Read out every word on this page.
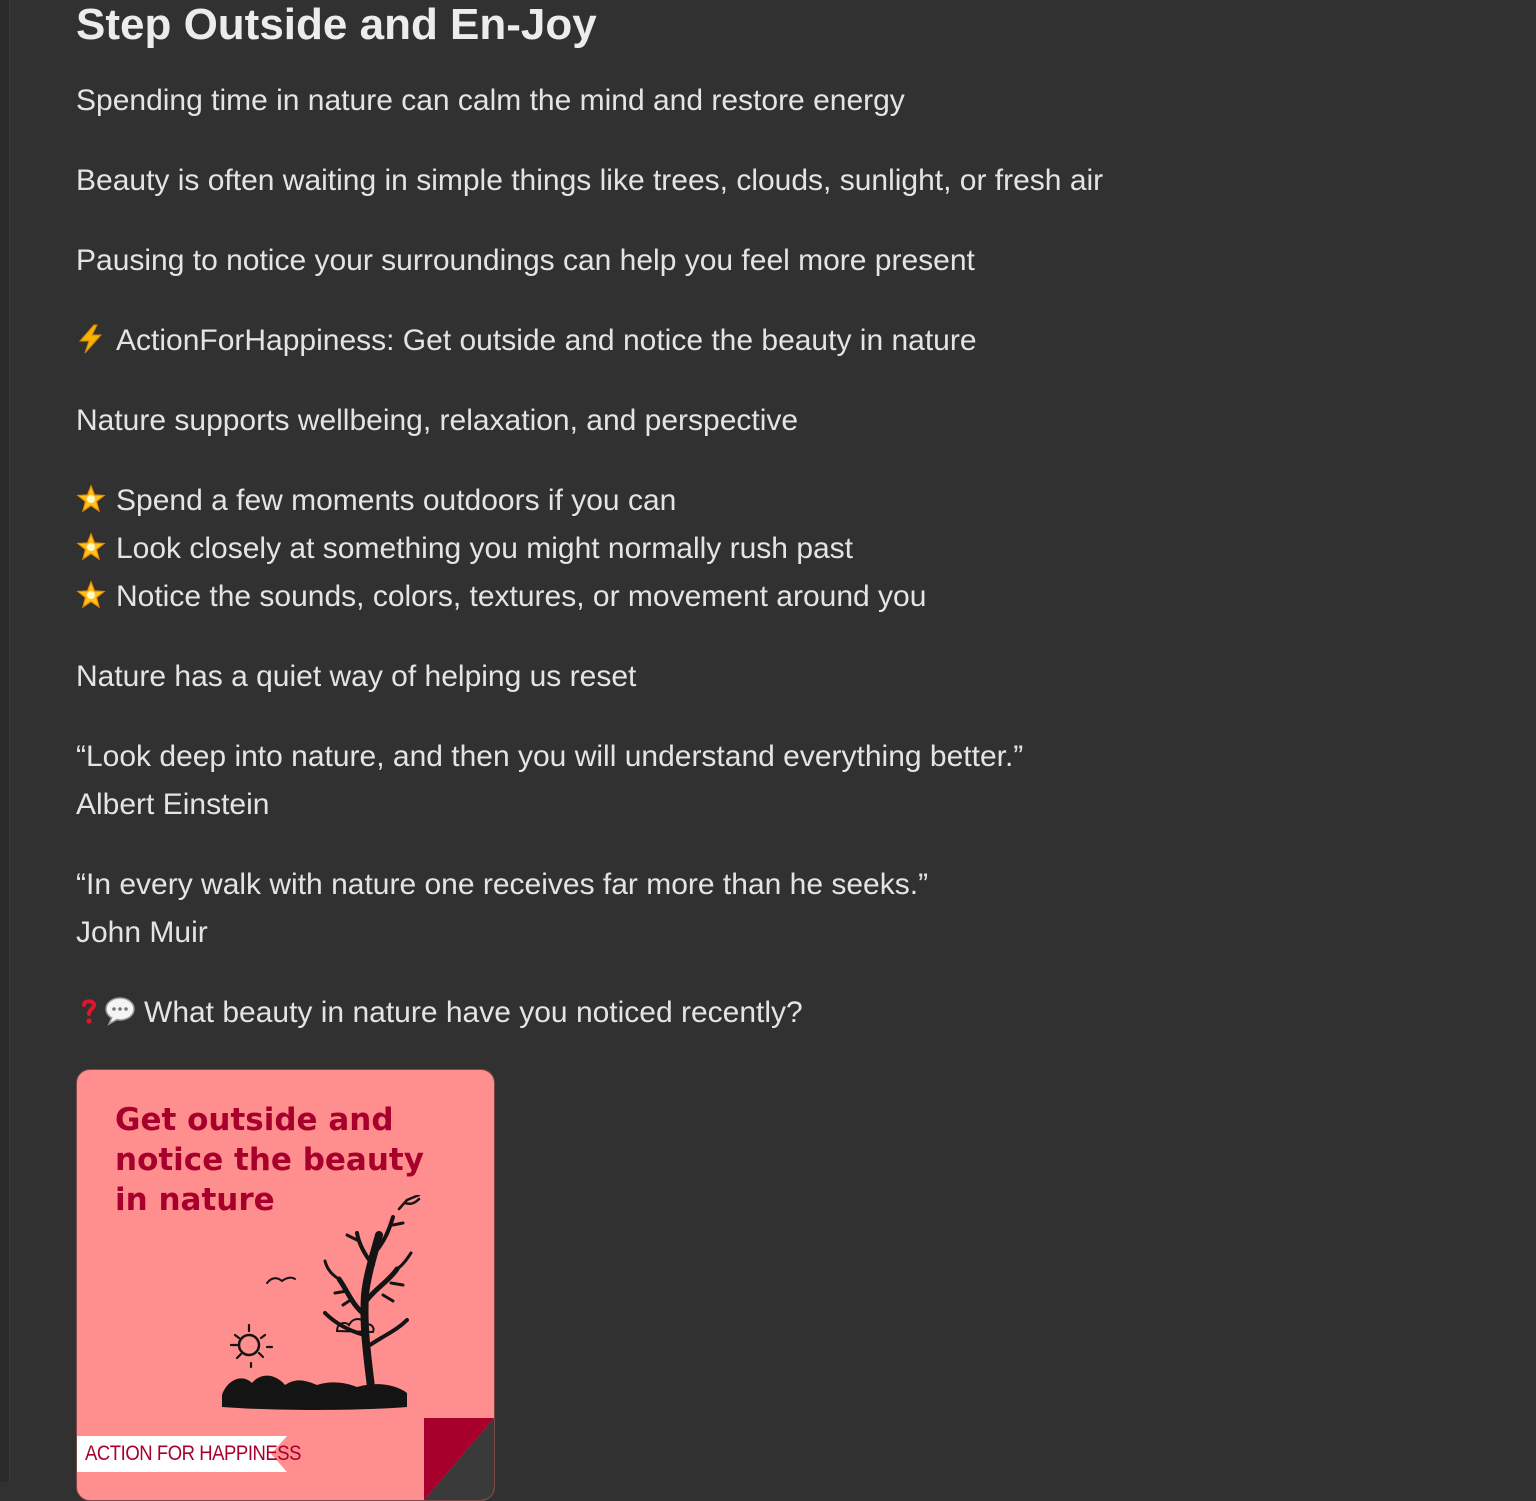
Step Outside and En-Joy
Spending time in nature can calm the mind and restore energy
Beauty is often waiting in simple things like trees, clouds, sunlight, or fresh air
Pausing to notice your surroundings can help you feel more present
ActionForHappiness: Get outside and notice the beauty in nature
Nature supports wellbeing, relaxation, and perspective
Spend a few moments outdoors if you can
Look closely at something you might normally rush past
Notice the sounds, colors, textures, or movement around you
Nature has a quiet way of helping us reset
“Look deep into nature, and then you will understand everything better.”
Albert Einstein
“In every walk with nature one receives far more than he seeks.”
John Muir
What beauty in nature have you noticed recently?
Get outside and
notice the beauty
in nature
ACTION FOR HAPPINESS
